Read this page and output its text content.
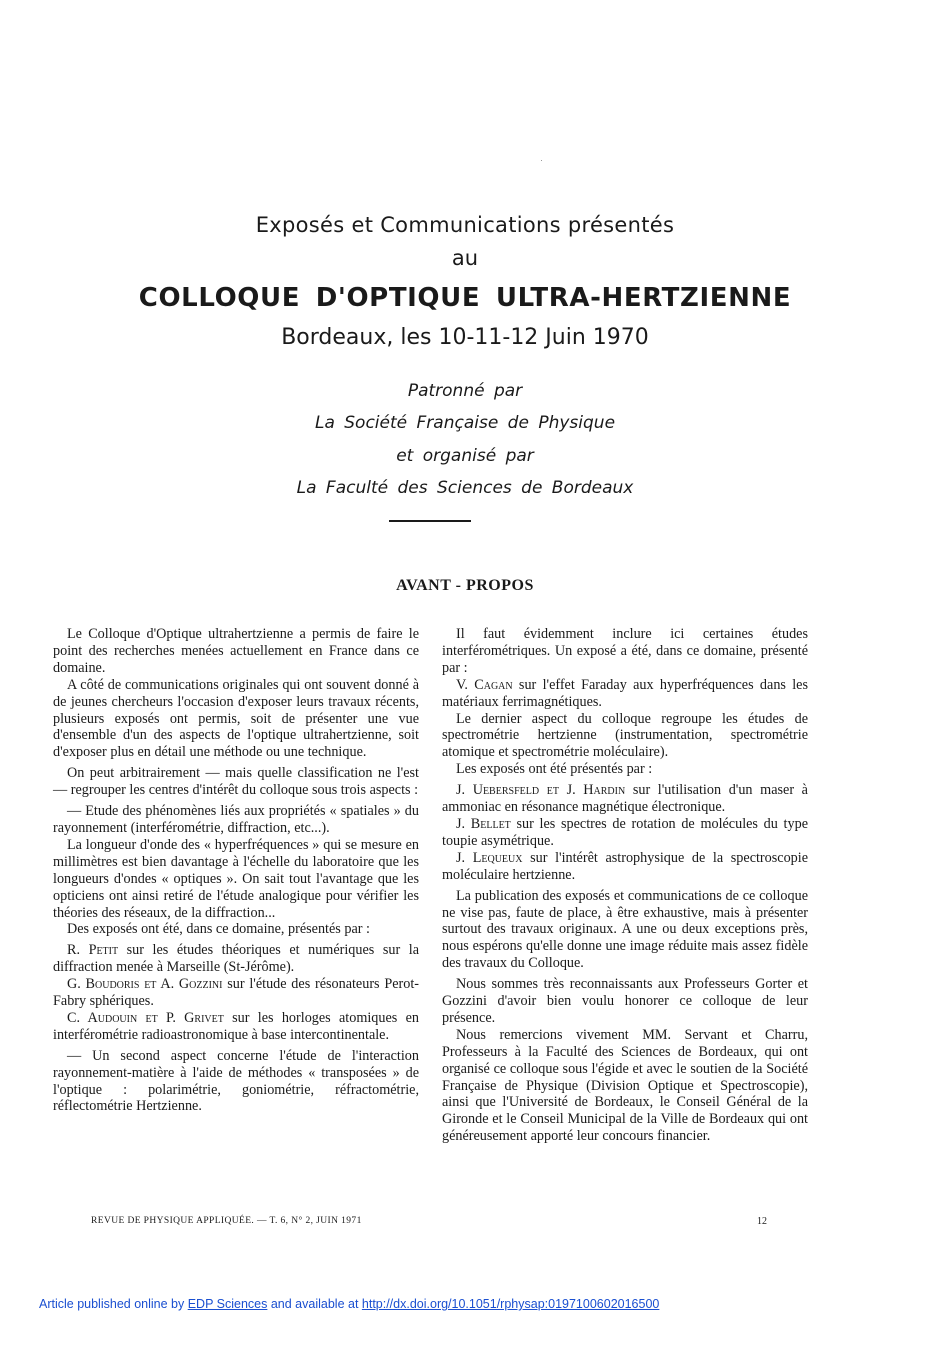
Exposés et Communications présentés
au
COLLOQUE D'OPTIQUE ULTRA-HERTZIENNE
Bordeaux, les 10-11-12 Juin 1970
Patronné par
La Société Française de Physique
et organisé par
La Faculté des Sciences de Bordeaux
AVANT - PROPOS

Le Colloque d'Optique ultrahertzienne a permis de faire le point des recherches menées actuellement en France dans ce domaine.

A côté de communications originales qui ont souvent donné à de jeunes chercheurs l'occasion d'exposer leurs travaux récents, plusieurs exposés ont permis, soit de présenter une vue d'ensemble d'un des aspects de l'optique ultrahertzienne, soit d'exposer plus en détail une méthode ou une technique.

On peut arbitrairement — mais quelle classification ne l'est — regrouper les centres d'intérêt du colloque sous trois aspects :

— Etude des phénomènes liés aux propriétés « spatiales » du rayonnement (interférométrie, diffraction, etc...).

La longueur d'onde des « hyperfréquences » qui se mesure en millimètres est bien davantage à l'échelle du laboratoire que les longueurs d'ondes « optiques ». On sait tout l'avantage que les opticiens ont ainsi retiré de l'étude analogique pour vérifier les théories des réseaux, de la diffraction...

Des exposés ont été, dans ce domaine, présentés par :

R. Petit sur les études théoriques et numériques sur la diffraction menée à Marseille (St-Jérôme).

G. Boudoris et A. Gozzini sur l'étude des résonateurs Perot-Fabry sphériques.

C. Audouin et P. Grivet sur les horloges atomiques en interférométrie radioastronomique à base intercontinentale.

— Un second aspect concerne l'étude de l'interaction rayonnement-matière à l'aide de méthodes « transposées » de l'optique : polarimétrie, goniométrie, réfractométrie, réflectométrie Hertzienne.

Il faut évidemment inclure ici certaines études interférométriques. Un exposé a été, dans ce domaine, présenté par :

V. Cagan sur l'effet Faraday aux hyperfréquences dans les matériaux ferrimagnétiques.

Le dernier aspect du colloque regroupe les études de spectrométrie hertzienne (instrumentation, spectrométrie atomique et spectrométrie moléculaire).

Les exposés ont été présentés par :

J. Uebersfeld et J. Hardin sur l'utilisation d'un maser à ammoniac en résonance magnétique électronique.

J. Bellet sur les spectres de rotation de molécules du type toupie asymétrique.

J. Lequeux sur l'intérêt astrophysique de la spectroscopie moléculaire hertzienne.

La publication des exposés et communications de ce colloque ne vise pas, faute de place, à être exhaustive, mais à présenter surtout des travaux originaux. A une ou deux exceptions près, nous espérons qu'elle donne une image réduite mais assez fidèle des travaux du Colloque.

Nous sommes très reconnaissants aux Professeurs Gorter et Gozzini d'avoir bien voulu honorer ce colloque de leur présence.

Nous remercions vivement MM. Servant et Charru, Professeurs à la Faculté des Sciences de Bordeaux, qui ont organisé ce colloque sous l'égide et avec le soutien de la Société Française de Physique (Division Optique et Spectroscopie), ainsi que l'Université de Bordeaux, le Conseil Général de la Gironde et le Conseil Municipal de la Ville de Bordeaux qui ont généreusement apporté leur concours financier.

REVUE DE PHYSIQUE APPLIQUÉE. — T. 6, N° 2, JUIN 1971	12
Article published online by EDP Sciences and available at http://dx.doi.org/10.1051/rphysap:0197100602016500
